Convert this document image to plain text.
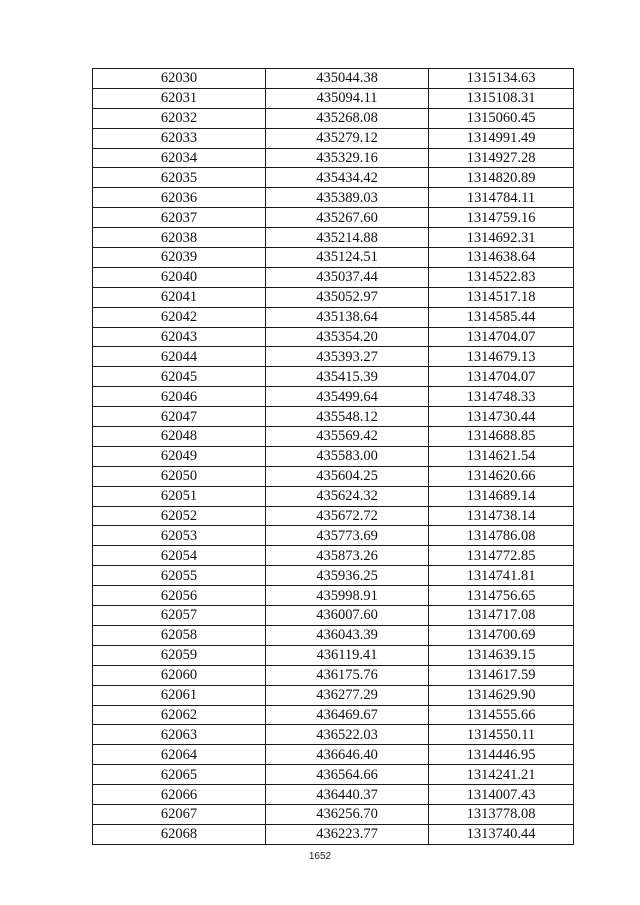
62030	435044.38	1315134.63
62031	435094.11	1315108.31
62032	435268.08	1315060.45
62033	435279.12	1314991.49
62034	435329.16	1314927.28
62035	435434.42	1314820.89
62036	435389.03	1314784.11
62037	435267.60	1314759.16
62038	435214.88	1314692.31
62039	435124.51	1314638.64
62040	435037.44	1314522.83
62041	435052.97	1314517.18
62042	435138.64	1314585.44
62043	435354.20	1314704.07
62044	435393.27	1314679.13
62045	435415.39	1314704.07
62046	435499.64	1314748.33
62047	435548.12	1314730.44
62048	435569.42	1314688.85
62049	435583.00	1314621.54
62050	435604.25	1314620.66
62051	435624.32	1314689.14
62052	435672.72	1314738.14
62053	435773.69	1314786.08
62054	435873.26	1314772.85
62055	435936.25	1314741.81
62056	435998.91	1314756.65
62057	436007.60	1314717.08
62058	436043.39	1314700.69
62059	436119.41	1314639.15
62060	436175.76	1314617.59
62061	436277.29	1314629.90
62062	436469.67	1314555.66
62063	436522.03	1314550.11
62064	436646.40	1314446.95
62065	436564.66	1314241.21
62066	436440.37	1314007.43
62067	436256.70	1313778.08
62068	436223.77	1313740.44
1652
